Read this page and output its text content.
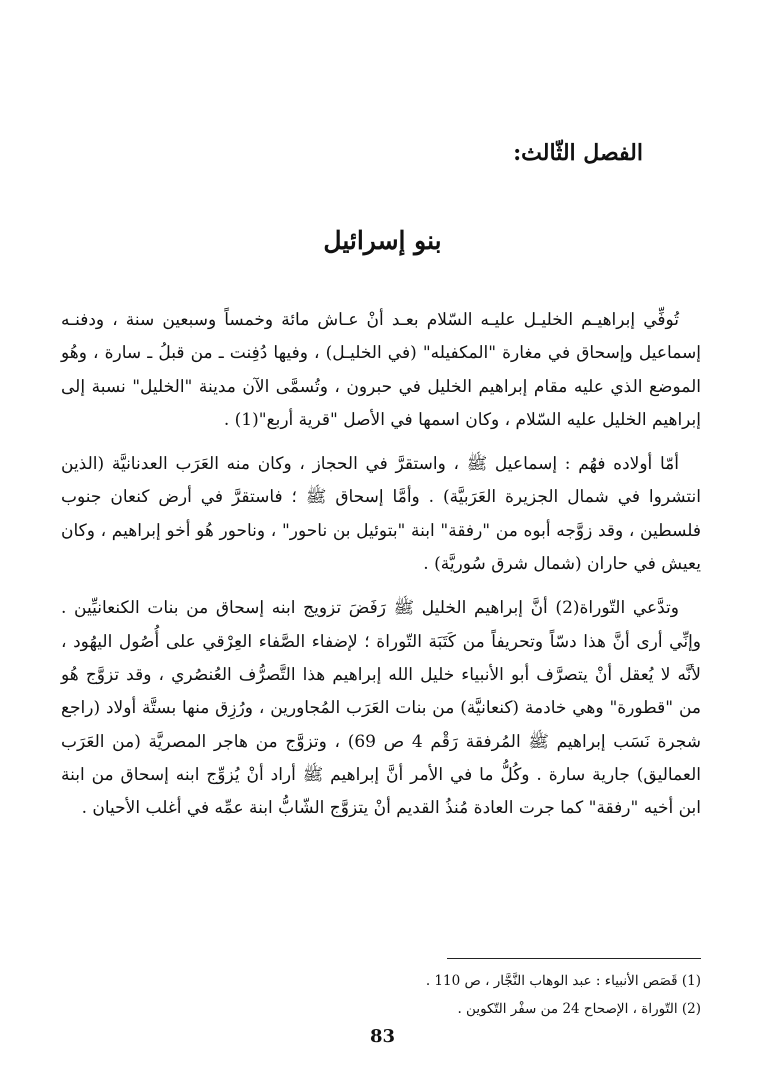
الفصل الثّالث:
بنو إسرائيل

تُوفِّي إبراهيـم الخليـل عليـه السّلام بعـد أنْ عـاش مائة وخمساً وسبعين سنة ، ودفنـه إسماعيل وإسحاق في مغارة "المكفيله" (في الخليـل) ، وفيها دُفِنت ـ من قبلُ ـ سارة ، وهُو الموضع الذي عليه مقام إبراهيم الخليل في حبرون ، وتُسمَّى الآن مدينة "الخليل" نسبة إلى إبراهيم الخليل عليه السّلام ، وكان اسمها في الأصل "قرية أربع"(1) .

أمّا أولاده فهُم : إسماعيل ﷺ ، واستقرَّ في الحجاز ، وكان منه العَرَب العدنانيَّة (الذين انتشروا في شمال الجزيرة العَرَبيَّة) . وأمَّا إسحاق ﷺ ؛ فاستقرَّ في أرض كنعان جنوب فلسطين ، وقد زوَّجه أبوه من "رفقة" ابنة "بتوئيل بن ناحور" ، وناحور هُو أخو إبراهيم ، وكان يعيش في حاران (شمال شرق سُوريَّة) .

وتدَّعي التّوراة(2) أنَّ إبراهيم الخليل ﷺ رَفَضَ تزويج ابنه إسحاق من بنات الكنعانيِّين . وإنِّي أرى أنَّ هذا دسّاً وتحريفاً من كَتَبَة التّوراة ؛ لإضفاء الصَّفاء العِرْقي على أُصُول اليهُود ، لأنَّه لا يُعقل أنْ يتصرَّف أبو الأنبياء خليل الله إبراهيم هذا التَّصرُّف العُنصُري ، وقد تزوَّج هُو من "قطورة" وهي خادمة (كنعانيَّة) من بنات العَرَب المُجاورين ، ورُزِق منها بستَّة أولاد (راجع شجرة نَسَب إبراهيم ﷺ المُرفقة رَقْم 4 ص 69) ، وتزوَّج من هاجر المصريَّة (من العَرَب العماليق) جارية سارة . وكُلُّ ما في الأمر أنَّ إبراهيم ﷺ أراد أنْ يُزوِّج ابنه إسحاق من ابنة ابن أخيه "رفقة" كما جرت العادة مُنذُ القديم أنْ يتزوَّج الشّابُّ ابنة عمِّه في أغلب الأحيان .

(1) قَصَص الأنبياء : عبد الوهاب النَّجَّار ، ص 110 .

(2) التّوراة ، الإصحاح 24 من سفْر التّكوين .

83
